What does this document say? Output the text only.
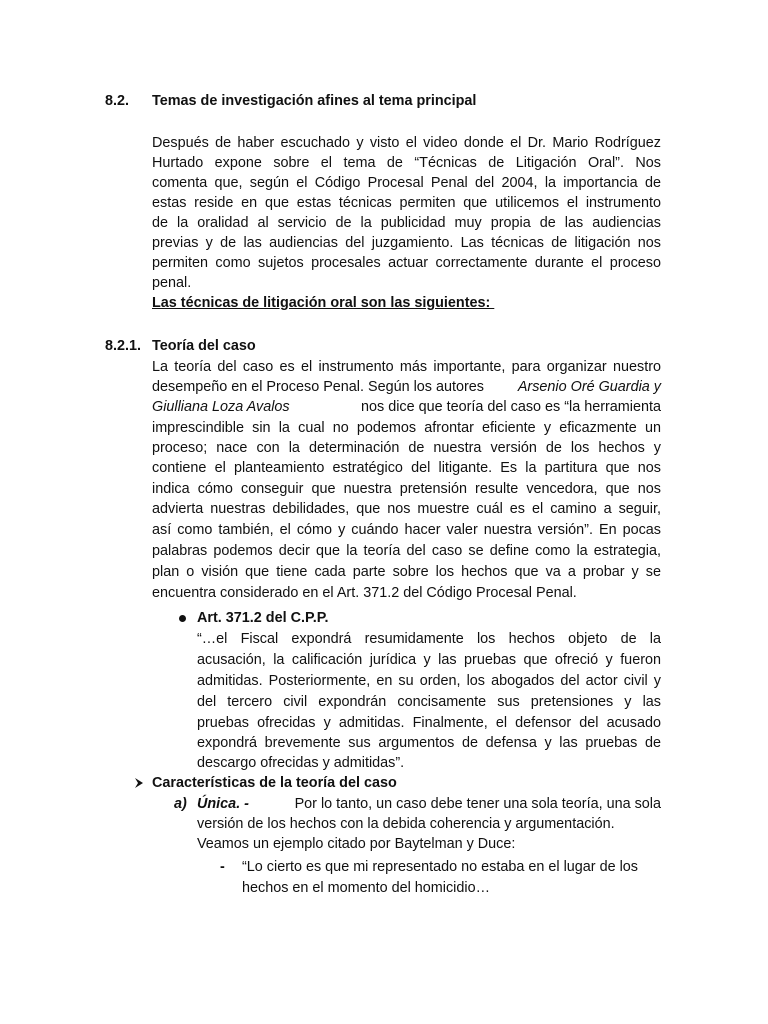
8.2. Temas de investigación afines al tema principal
Después de haber escuchado y visto el video donde el Dr. Mario Rodríguez
Hurtado expone sobre el tema de “Técnicas de Litigación Oral”. Nos
comenta que, según el Código Procesal Penal del 2004, la importancia de
estas reside en que estas técnicas permiten que utilicemos el instrumento
de la oralidad al servicio de la publicidad muy propia de las audiencias
previas y de las audiencias del juzgamiento. Las técnicas de litigación nos
permiten como sujetos procesales actuar correctamente durante el proceso
penal.
Las técnicas de litigación oral son las siguientes:
8.2.1. Teoría del caso
La teoría del caso es el instrumento más importante, para organizar nuestro
desempeño en el Proceso Penal. Según los autores Arsenio Oré Guardia y
Giulliana Loza Avalos	nos dice que teoría del caso es “la herramienta
imprescindible sin la cual no podemos afrontar eficiente y eficazmente un
proceso; nace con la determinación de nuestra versión de los hechos y
contiene el planteamiento estratégico del litigante. Es la partitura que nos
indica cómo conseguir que nuestra pretensión resulte vencedora, que nos
advierta nuestras debilidades, que nos muestre cuál es el camino a seguir,
así como también, el cómo y cuándo hacer valer nuestra versión”. En pocas
palabras podemos decir que la teoría del caso se define como la estrategia,
plan o visión que tiene cada parte sobre los hechos que va a probar y se
encuentra considerado en el Art. 371.2 del Código Procesal Penal.
Art. 371.2 del C.P.P.
“…el Fiscal expondrá resumidamente los hechos objeto de la
acusación, la calificación jurídica y las pruebas que ofreció y fueron
admitidas. Posteriormente, en su orden, los abogados del actor civil y
del tercero civil expondrán concisamente sus pretensiones y las
pruebas ofrecidas y admitidas. Finalmente, el defensor del acusado
expondrá brevemente sus argumentos de defensa y las pruebas de
descargo ofrecidas y admitidas”.
Características de la teoría del caso
a) Única. -	Por lo tanto, un caso debe tener una sola teoría, una sola
versión de los hechos con la debida coherencia y argumentación.
Veamos un ejemplo citado por Baytelman y Duce:
- “Lo cierto es que mi representado no estaba en el lugar de los
hechos en el momento del homicidio…
